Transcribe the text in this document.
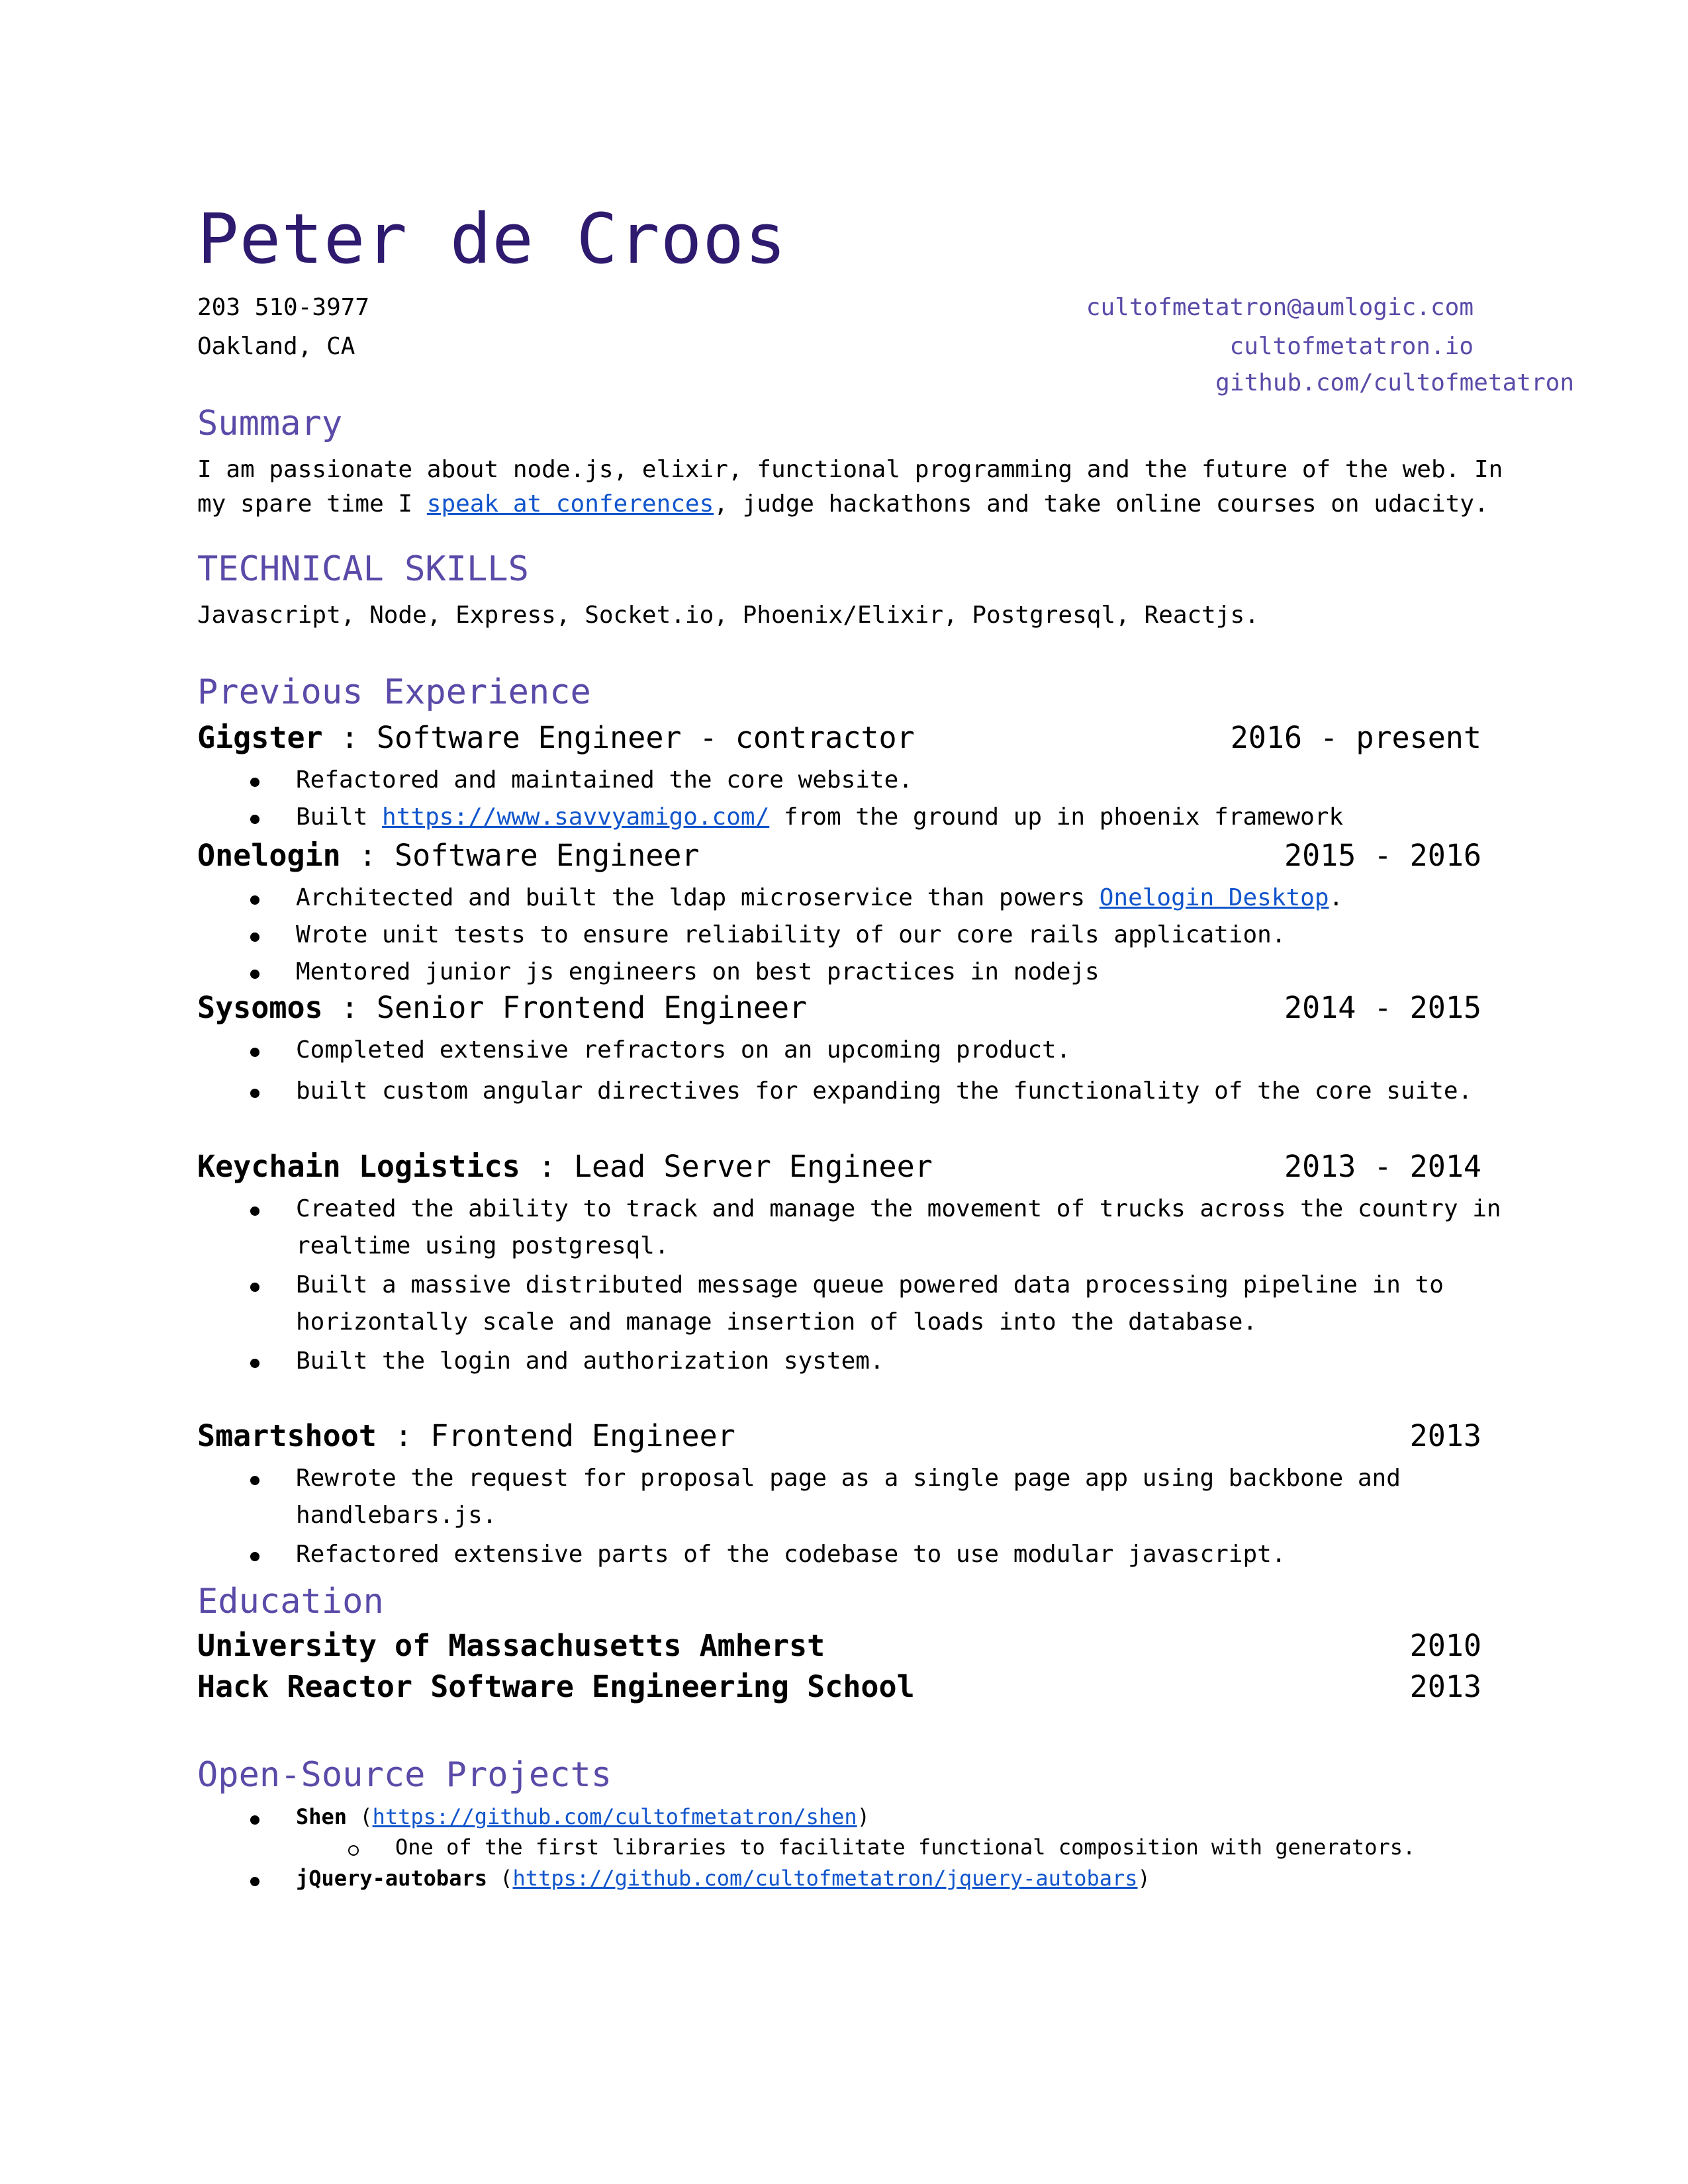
Peter de Croos
203 510-3977
Oakland, CA
cultofmetatron@aumlogic.com
cultofmetatron.io
github.com/cultofmetatron
Summary
I am passionate about node.js, elixir, functional programming and the future of the web. In
my spare time I speak at conferences, judge hackathons and take online courses on udacity.
TECHNICAL SKILLS
Javascript, Node, Express, Socket.io, Phoenix/Elixir, Postgresql, Reactjs.
Previous Experience
Gigster : Software Engineer - contractor	2016 - present
Refactored and maintained the core website.
Built https://www.savvyamigo.com/ from the ground up in phoenix framework
Onelogin : Software Engineer	2015 - 2016
Architected and built the ldap microservice than powers Onelogin Desktop.
Wrote unit tests to ensure reliability of our core rails application.
Mentored junior js engineers on best practices in nodejs
Sysomos : Senior Frontend Engineer	2014 - 2015
Completed extensive refractors on an upcoming product.
built custom angular directives for expanding the functionality of the core suite.
Keychain Logistics : Lead Server Engineer	2013 - 2014
Created the ability to track and manage the movement of trucks across the country in
realtime using postgresql.
Built a massive distributed message queue powered data processing pipeline in to
horizontally scale and manage insertion of loads into the database.
Built the login and authorization system.
Smartshoot : Frontend Engineer	2013
Rewrote the request for proposal page as a single page app using backbone and
handlebars.js.
Refactored extensive parts of the codebase to use modular javascript.
Education
University of Massachusetts Amherst	2010
Hack Reactor Software Engineering School	2013
Open-Source Projects
Shen (https://github.com/cultofmetatron/shen)
One of the first libraries to facilitate functional composition with generators.
jQuery-autobars (https://github.com/cultofmetatron/jquery-autobars)
